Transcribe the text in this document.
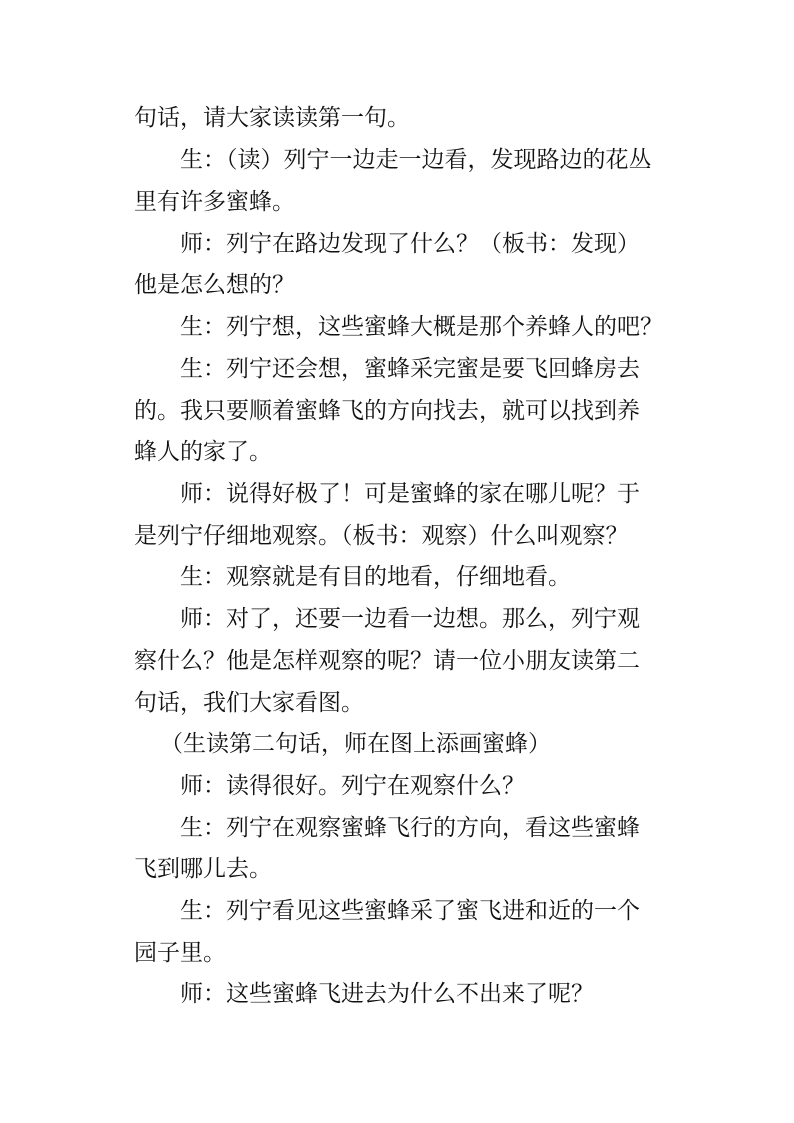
句话，请大家读读第一句。
生：（读）列宁一边走一边看，发现路边的花丛
里有许多蜜蜂。
师：列宁在路边发现了什么？（板书：发现）
他是怎么想的？
生：列宁想，这些蜜蜂大概是那个养蜂人的吧？
生：列宁还会想，蜜蜂采完蜜是要飞回蜂房去
的。我只要顺着蜜蜂飞的方向找去，就可以找到养
蜂人的家了。
师：说得好极了！可是蜜蜂的家在哪儿呢？于
是列宁仔细地观察。（板书：观察）什么叫观察？
生：观察就是有目的地看，仔细地看。
师：对了，还要一边看一边想。那么，列宁观
察什么？他是怎样观察的呢？请一位小朋友读第二
句话，我们大家看图。
（生读第二句话，师在图上添画蜜蜂）
师：读得很好。列宁在观察什么？
生：列宁在观察蜜蜂飞行的方向，看这些蜜蜂
飞到哪儿去。
生：列宁看见这些蜜蜂采了蜜飞进和近的一个
园子里。
师：这些蜜蜂飞进去为什么不出来了呢？
